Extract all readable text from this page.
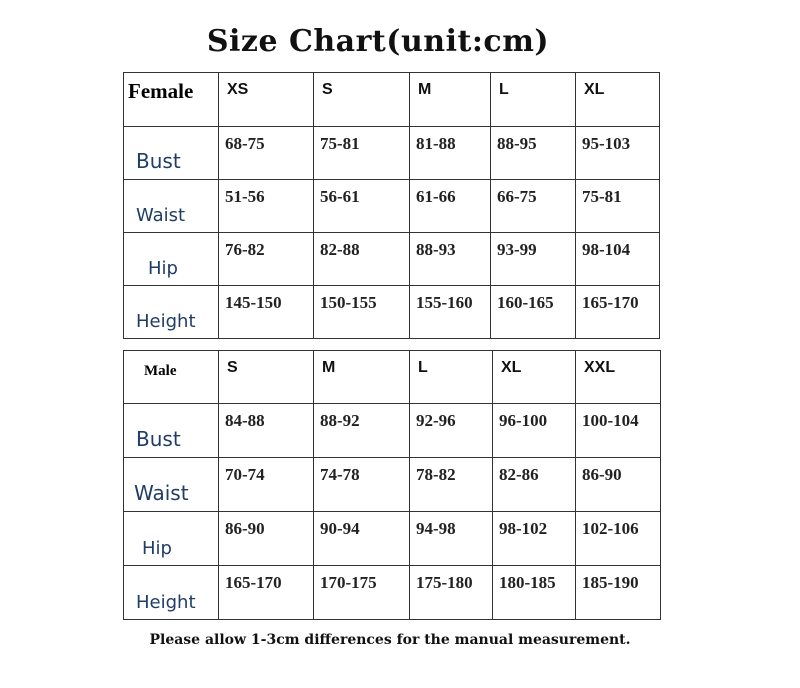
Size Chart(unit:cm)
Female	XS	S	M	L	XL

Bust	68-75	75-81	81-88	88-95	95-103

Waist	51-56	56-61	61-66	66-75	75-81

Hip	76-82	82-88	88-93	93-99	98-104

Height	145-150	150-155	155-160	160-165	165-170
Male	S	M	L	XL	XXL

Bust	84-88	88-92	92-96	96-100	100-104

Waist	70-74	74-78	78-82	82-86	86-90

Hip	86-90	90-94	94-98	98-102	102-106

Height	165-170	170-175	175-180	180-185	185-190
Please allow 1-3cm differences for the manual measurement.
